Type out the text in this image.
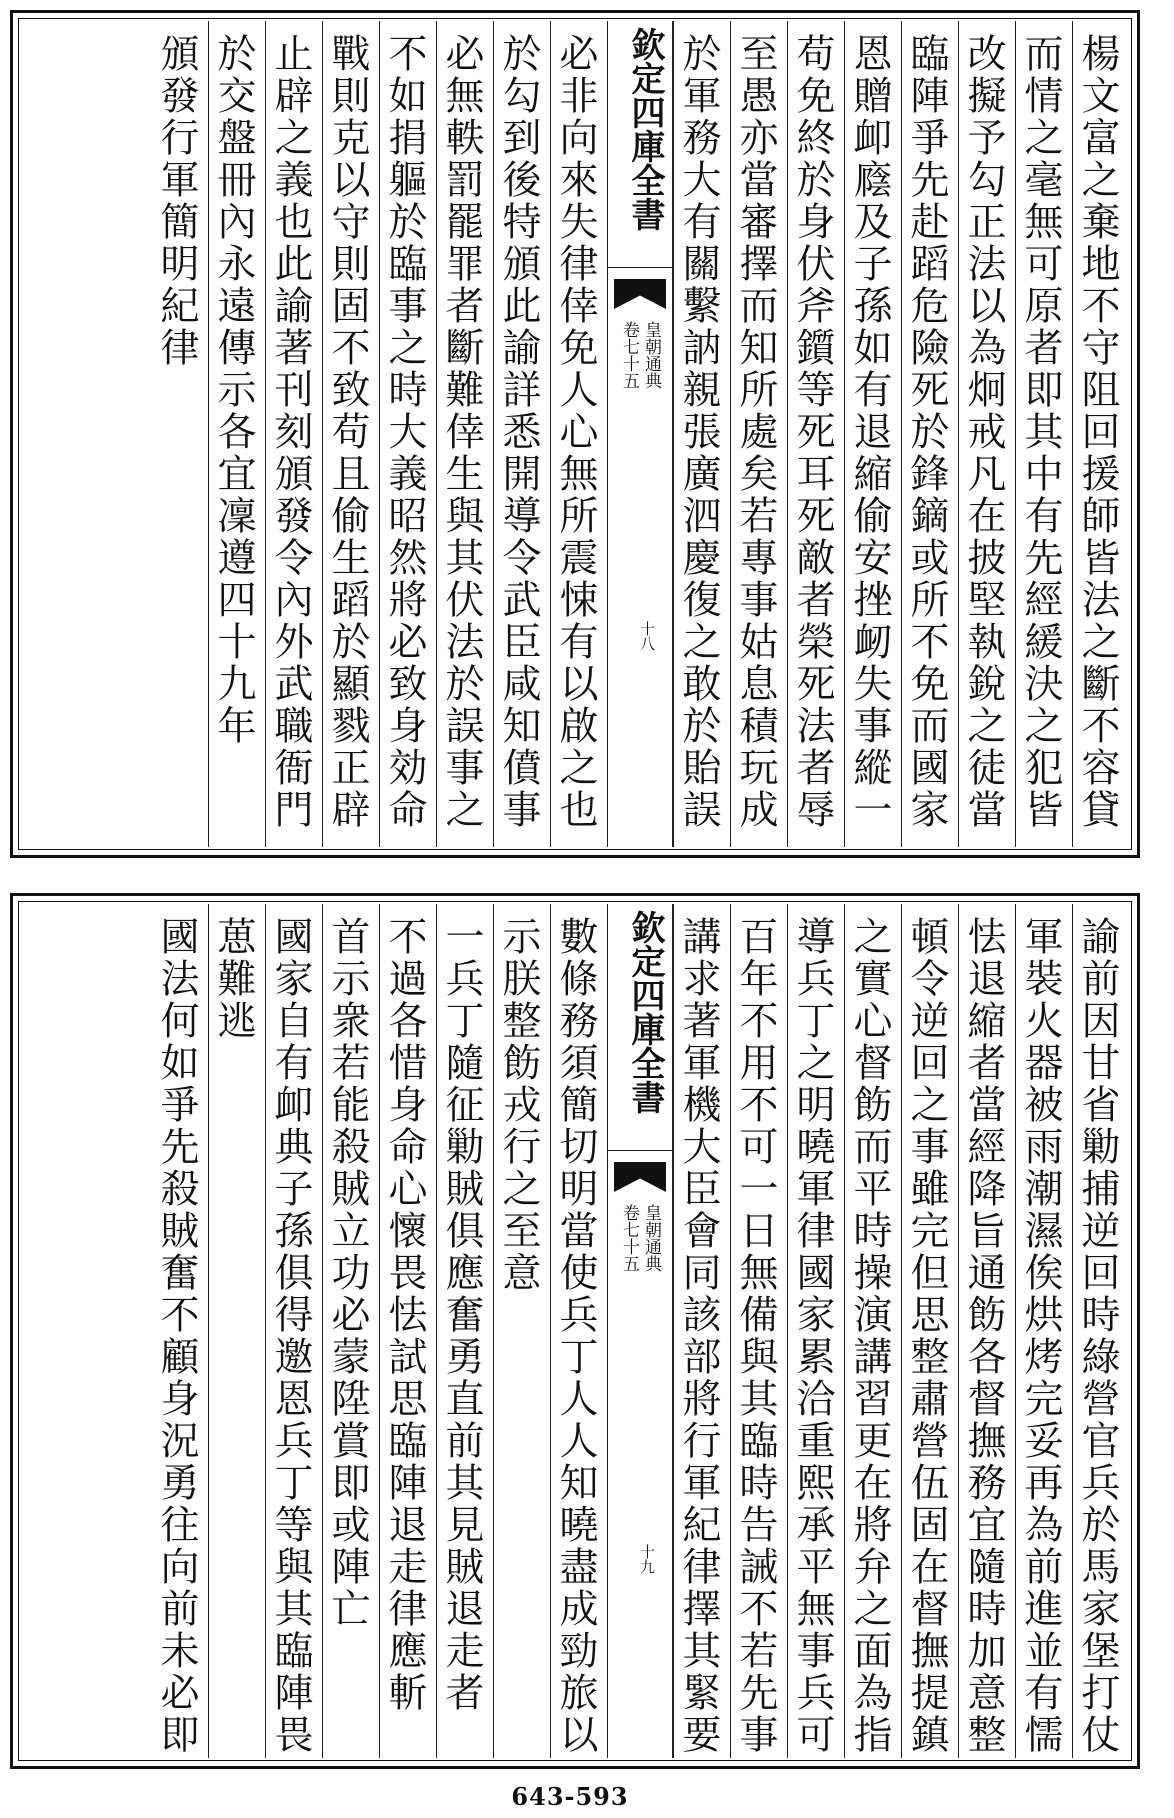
楊文富之棄地不守阻回援師皆法之斷不容貸
而情之毫無可原者即其中有先經緩決之犯皆
改擬予勾正法以為炯戒凡在披堅執銳之徒當
臨陣爭先赴蹈危險死於鋒鏑或所不免而國家
恩贈卹廕及子孫如有退縮偷安挫衂失事縱一
苟免終於身伏斧鑕等死耳死敵者榮死法者辱
至愚亦當審擇而知所處矣若專事姑息積玩成
於軍務大有關繫訥親張廣泗慶復之敢於貽誤
欽定四庫全書
皇朝通典
卷七十五
十八
必非向來失律倖免人心無所震悚有以啟之也
於勾到後特頒此諭詳悉開導令武臣咸知僨事
必無軼罰罷罪者斷難倖生與其伏法於誤事之
不如捐軀於臨事之時大義昭然將必致身効命
戰則克以守則固不致苟且偷生蹈於顯戮正辟
止辟之義也此諭著刊刻頒發令內外武職衙門
於交盤冊內永遠傳示各宜凜遵四十九年
頒發行軍簡明紀律
諭前因甘省勦捕逆回時綠營官兵於馬家堡打仗
軍裝火器被雨潮濕俟烘烤完妥再為前進並有懦
怯退縮者當經降旨通飭各督撫務宜隨時加意整
頓令逆回之事雖完但思整肅營伍固在督撫提鎮
之實心督飭而平時操演講習更在將弁之面為指
導兵丁之明曉軍律國家累洽重熙承平無事兵可
百年不用不可一日無備與其臨時告誡不若先事
講求著軍機大臣會同該部將行軍紀律擇其緊要
欽定四庫全書
皇朝通典
卷七十五
十九
數條務須簡切明當使兵丁人人知曉盡成勁旅以
示朕整飭戎行之至意
一兵丁隨征勦賊俱應奮勇直前其見賊退走者
不過各惜身命心懷畏怯試思臨陣退走律應斬
首示衆若能殺賊立功必蒙陞賞即或陣亡
國家自有卹典子孫俱得邀恩兵丁等與其臨陣畏
葸難逃
國法何如爭先殺賊奮不顧身況勇往向前未必即
643-593
